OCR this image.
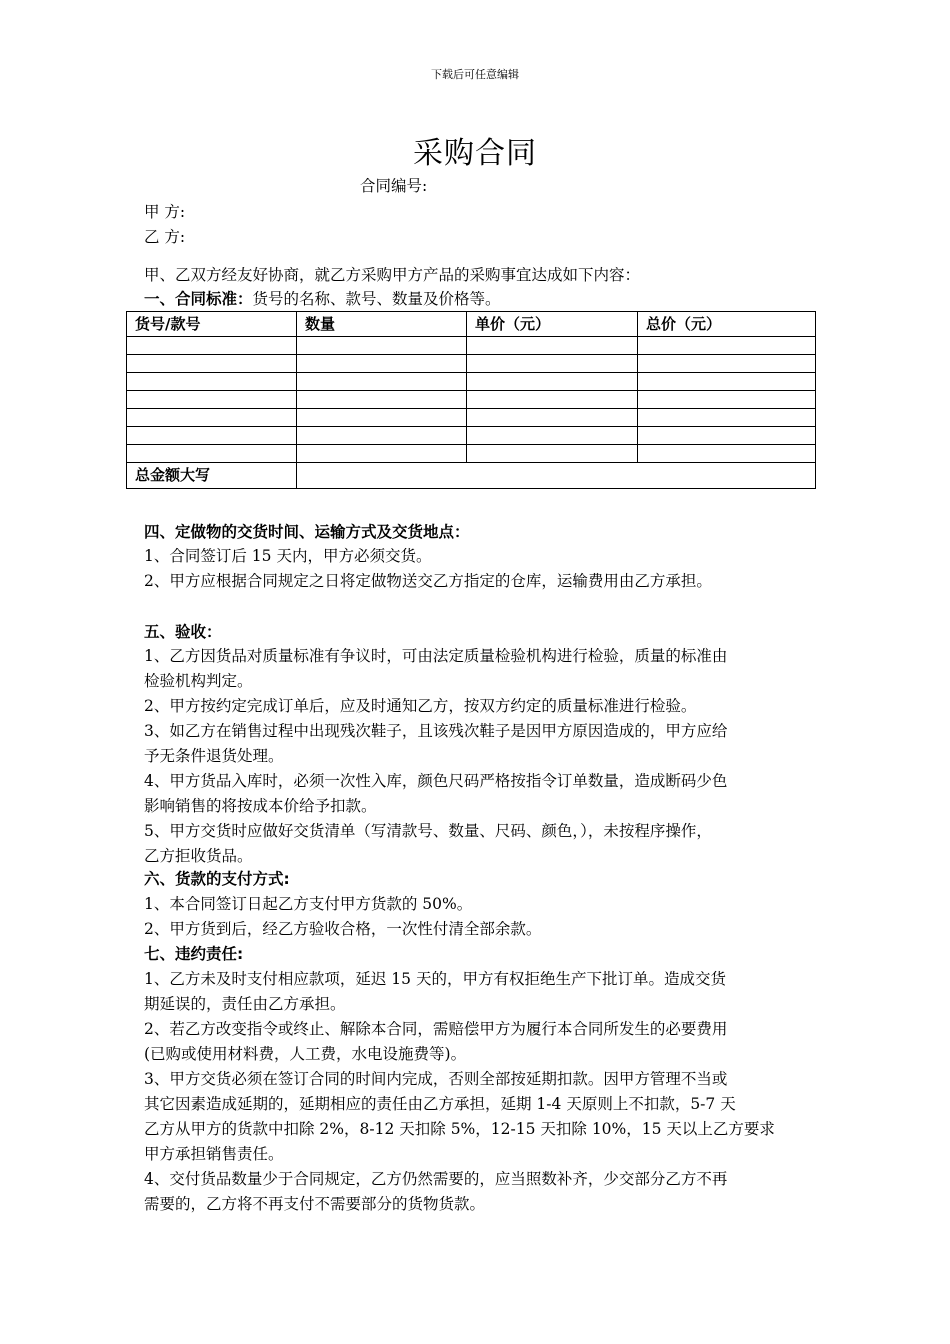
下载后可任意编辑
采购合同
合同编号:
甲 方:
乙 方:
甲、乙双方经友好协商，就乙方采购甲方产品的采购事宜达成如下内容：
一、合同标准：货号的名称、款号、数量及价格等。
货号/款号	数量	单价（元）	总价（元）

总金额大写			
四、定做物的交货时间、运输方式及交货地点：
1、合同签订后 15 天内，甲方必须交货。
2、甲方应根据合同规定之日将定做物送交乙方指定的仓库，运输费用由乙方承担。
五、验收：
1、乙方因货品对质量标准有争议时，可由法定质量检验机构进行检验，质量的标准由
检验机构判定。
2、甲方按约定完成订单后，应及时通知乙方，按双方约定的质量标准进行检验。
3、如乙方在销售过程中出现残次鞋子，且该残次鞋子是因甲方原因造成的，甲方应给
予无条件退货处理。
4、甲方货品入库时，必须一次性入库，颜色尺码严格按指令订单数量，造成断码少色
影响销售的将按成本价给予扣款。
5、甲方交货时应做好交货清单（写清款号、数量、尺码、颜色，），未按程序操作，
乙方拒收货品。
六、货款的支付方式:
1、本合同签订日起乙方支付甲方货款的 50%。
2、甲方货到后，经乙方验收合格，一次性付清全部余款。
七、违约责任:
1、乙方未及时支付相应款项，延迟 15 天的，甲方有权拒绝生产下批订单。造成交货
期延误的，责任由乙方承担。
2、若乙方改变指令或终止、解除本合同，需赔偿甲方为履行本合同所发生的必要费用
(已购或使用材料费，人工费，水电设施费等)。
3、甲方交货必须在签订合同的时间内完成，否则全部按延期扣款。因甲方管理不当或
其它因素造成延期的，延期相应的责任由乙方承担，延期 1-4 天原则上不扣款，5-7 天
乙方从甲方的货款中扣除 2%，8-12 天扣除 5%，12-15 天扣除 10%，15 天以上乙方要求
甲方承担销售责任。
4、交付货品数量少于合同规定，乙方仍然需要的，应当照数补齐，少交部分乙方不再
需要的，乙方将不再支付不需要部分的货物货款。
